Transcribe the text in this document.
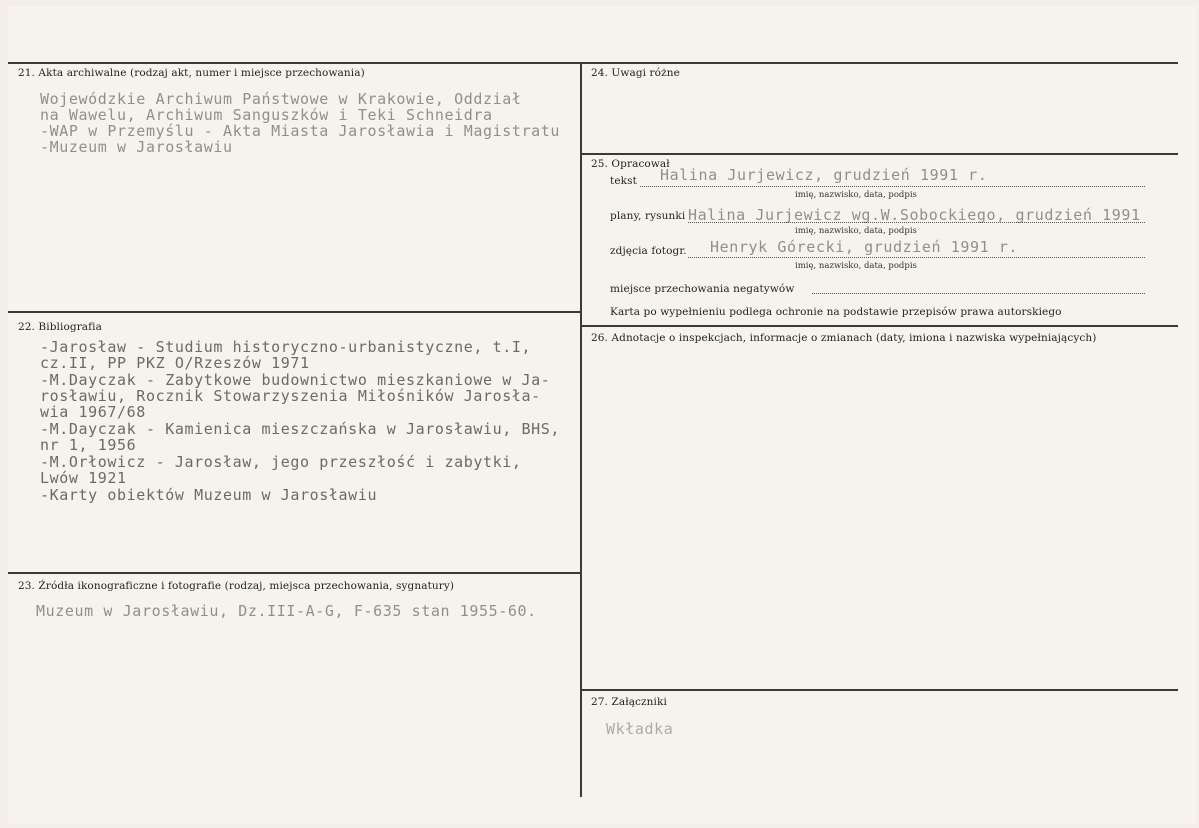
21. Akta archiwalne (rodzaj akt, numer i miejsce przechowania)
Wojewódzkie Archiwum Państwowe w Krakowie, Oddział
na Wawelu, Archiwum Sanguszków i Teki Schneidra
-WAP w Przemyślu - Akta Miasta Jarosławia i Magistratu
-Muzeum w Jarosławiu
22. Bibliografia
-Jarosław - Studium historyczno-urbanistyczne, t.I,
cz.II, PP PKZ O/Rzeszów 1971
-M.Dayczak - Zabytkowe budownictwo mieszkaniowe w Ja-
rosławiu, Rocznik Stowarzyszenia Miłośników Jarosła-
wia 1967/68
-M.Dayczak - Kamienica mieszczańska w Jarosławiu, BHS,
nr 1, 1956
-M.Orłowicz - Jarosław, jego przeszłość i zabytki,
Lwów 1921
-Karty obiektów Muzeum w Jarosławiu
23. Źródła ikonograficzne i fotografie (rodzaj, miejsca przechowania, sygnatury)
Muzeum w Jarosławiu, Dz.III-A-G, F-635 stan 1955-60.
24. Uwagi różne
25. Opracował
tekst Halina Jurjewicz, grudzień 1991 r.
imię, nazwisko, data, podpis
plany, rysunki Halina Jurjewicz wg.W.Sobockiego, grudzień 1991
imię, nazwisko, data, podpis
zdjęcia fotogr. Henryk Górecki, grudzień 1991 r.
imię, nazwisko, data, podpis
miejsce przechowania negatywów
Karta po wypełnieniu podlega ochronie na podstawie przepisów prawa autorskiego
26. Adnotacje o inspekcjach, informacje o zmianach (daty, imiona i nazwiska wypełniających)
27. Załączniki
Wkładka
